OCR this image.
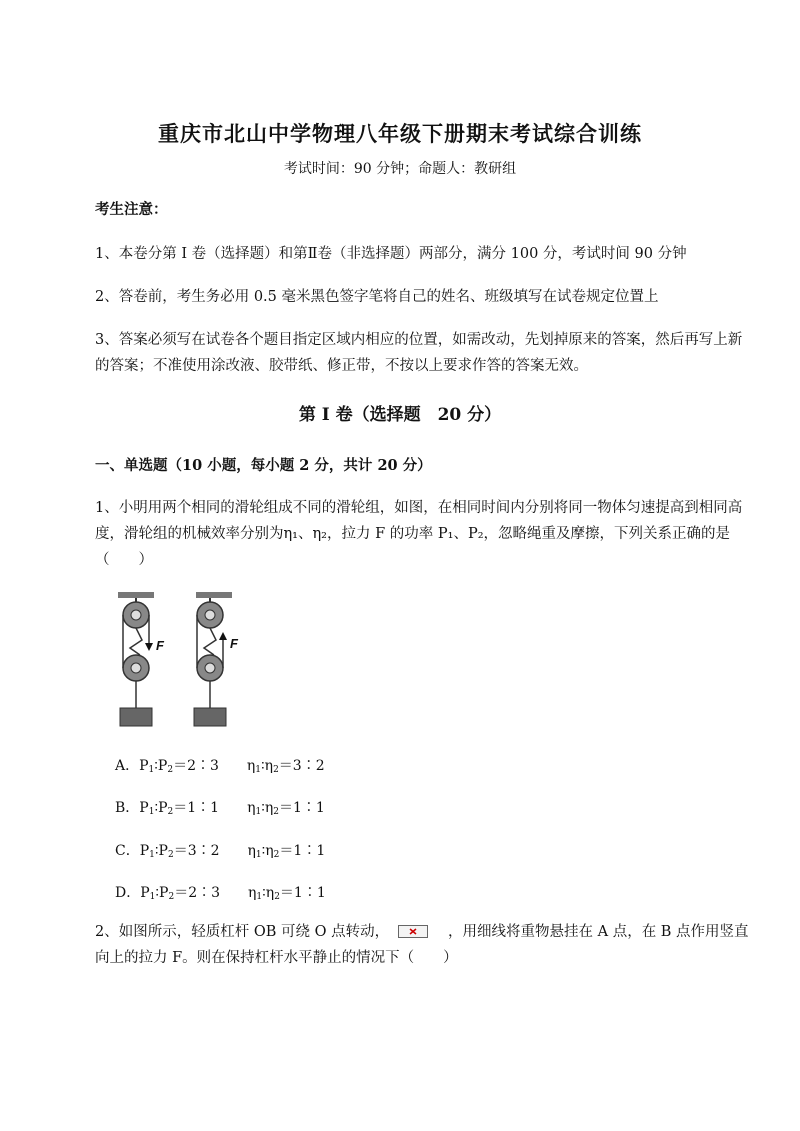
重庆市北山中学物理八年级下册期末考试综合训练
考试时间：90 分钟；命题人：教研组
考生注意：
1、本卷分第 I 卷（选择题）和第Ⅱ卷（非选择题）两部分，满分 100 分，考试时间 90 分钟
2、答卷前，考生务必用 0.5 毫米黑色签字笔将自己的姓名、班级填写在试卷规定位置上
3、答案必须写在试卷各个题目指定区域内相应的位置，如需改动，先划掉原来的答案，然后再写上新
的答案；不准使用涂改液、胶带纸、修正带，不按以上要求作答的答案无效。
第 I 卷（选择题　20 分）
一、单选题（10 小题，每小题 2 分，共计 20 分）
1、小明用两个相同的滑轮组成不同的滑轮组，如图，在相同时间内分别将同一物体匀速提高到相同高
度，滑轮组的机械效率分别为η₁、η₂，拉力 F 的功率 P₁、P₂，忽略绳重及摩擦，下列关系正确的是
（　　）
F	F
A．$P_1∶P_2=2∶3$　　$\eta_1∶\eta_2=3∶2$
B．$P_1∶P_2=1∶1$　　$\eta_1∶\eta_2=1∶1$
C．$P_1∶P_2=3∶2$　　$\eta_1∶\eta_2=1∶1$
D．$P_1∶P_2=2∶3$　　$\eta_1∶\eta_2=1∶1$
2、如图所示，轻质杠杆 OB 可绕 O 点转动，	，用细线将重物悬挂在 A 点，在 B 点作用竖直
向上的拉力 F。则在保持杠杆水平静止的情况下（　　）
